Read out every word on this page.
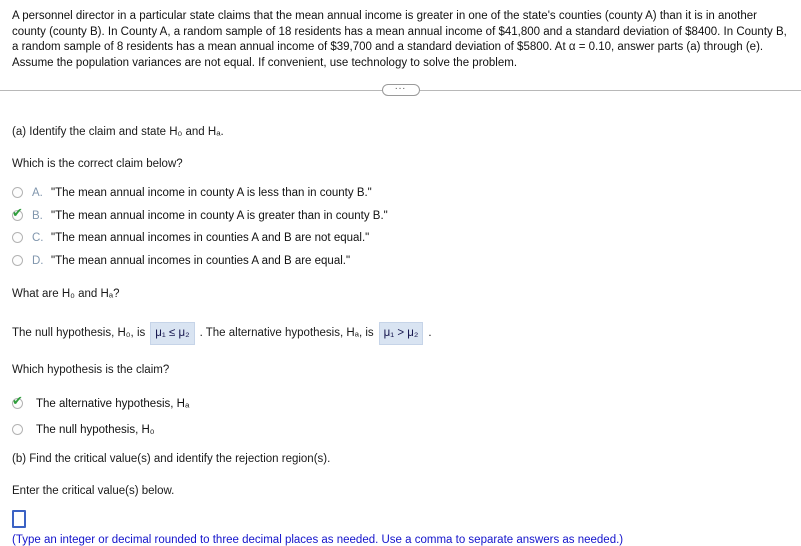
A personnel director in a particular state claims that the mean annual income is greater in one of the state's counties (county A) than it is in another county (county B). In County A, a random sample of 18 residents has a mean annual income of $41,800 and a standard deviation of $8400. In County B, a random sample of 8 residents has a mean annual income of $39,700 and a standard deviation of $5800. At α = 0.10, answer parts (a) through (e). Assume the population variances are not equal. If convenient, use technology to solve the problem.

...

(a) Identify the claim and state H₀ and Hₐ.

Which is the correct claim below?

A. "The mean annual income in county A is less than in county B."
✔ B. "The mean annual income in county A is greater than in county B."
C. "The mean annual incomes in counties A and B are not equal."
D. "The mean annual incomes in counties A and B are equal."

What are H₀ and Hₐ?

The null hypothesis, H₀, is μ₁ ≤ μ₂ . The alternative hypothesis, Hₐ, is μ₁ > μ₂ .

Which hypothesis is the claim?

✔ The alternative hypothesis, Hₐ
The null hypothesis, H₀

(b) Find the critical value(s) and identify the rejection region(s).

Enter the critical value(s) below.

(Type an integer or decimal rounded to three decimal places as needed. Use a comma to separate answers as needed.)
